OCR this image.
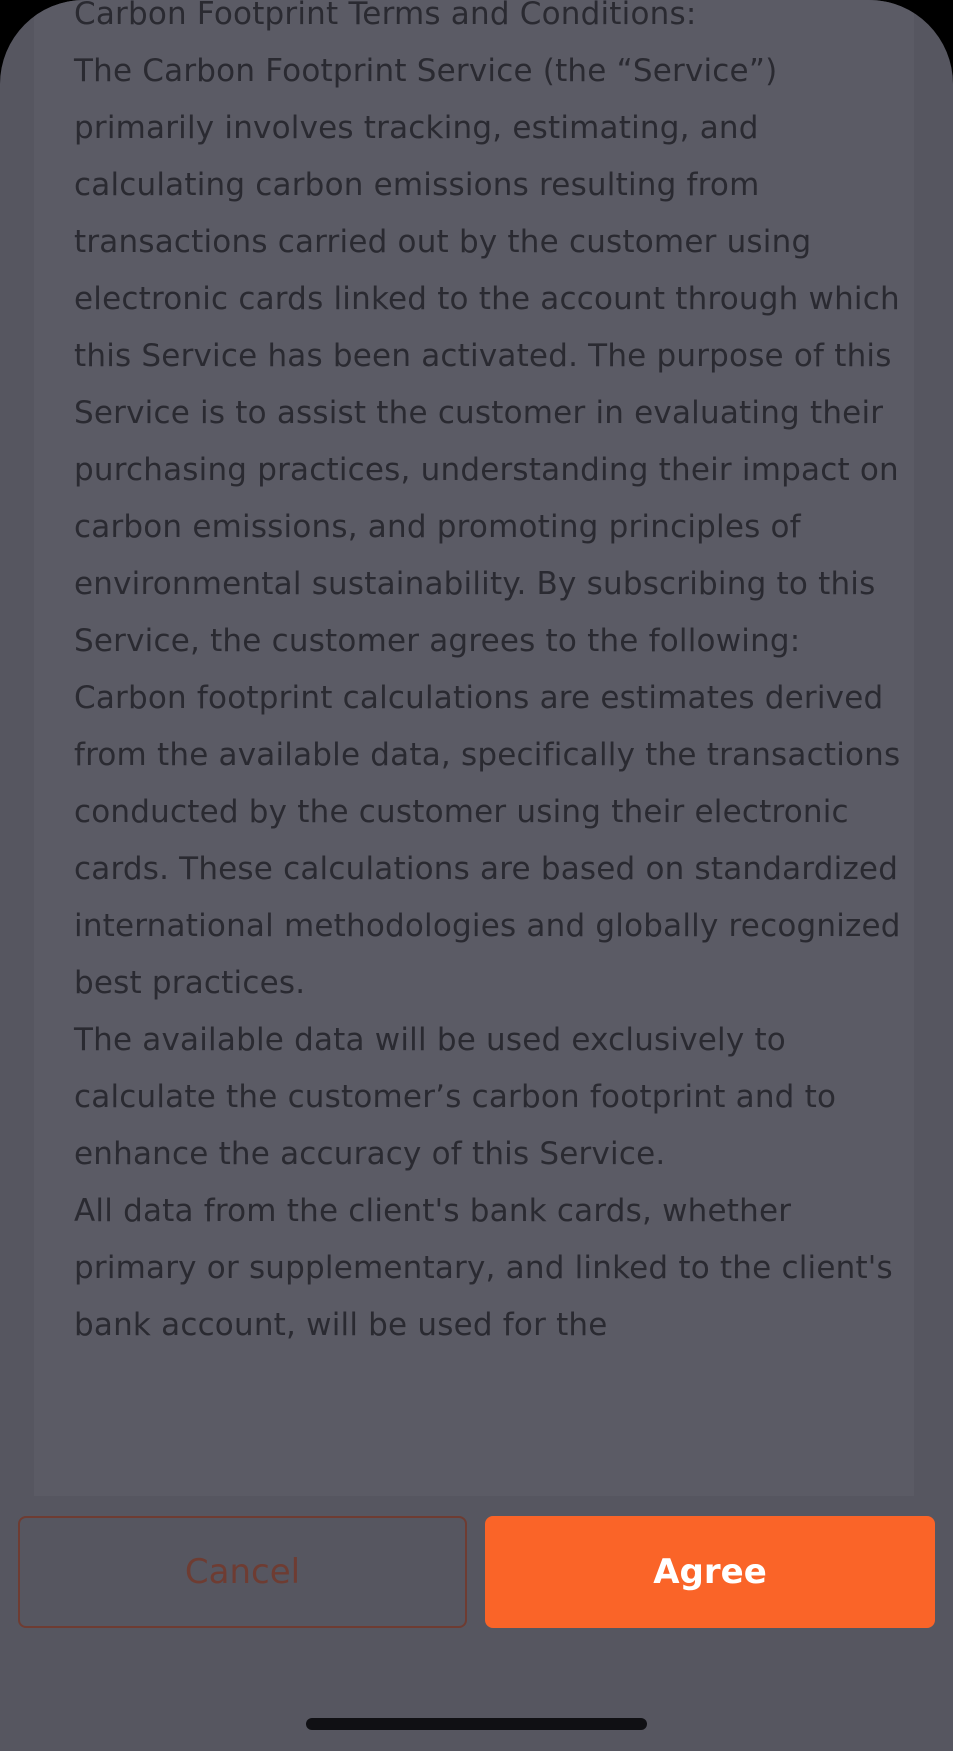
Carbon Footprint Terms and Conditions:

The Carbon Footprint Service (the “Service”) primarily involves tracking, estimating, and calculating carbon emissions resulting from transactions carried out by the customer using electronic cards linked to the account through which this Service has been activated. The purpose of this Service is to assist the customer in evaluating their purchasing practices, understanding their impact on carbon emissions, and promoting principles of environmental sustainability. By subscribing to this Service, the customer agrees to the following:

Carbon footprint calculations are estimates derived from the available data, specifically the transactions conducted by the customer using their electronic cards. These calculations are based on standardized international methodologies and globally recognized best practices.

The available data will be used exclusively to calculate the customer’s carbon footprint and to enhance the accuracy of this Service.

All data from the client's bank cards, whether primary or supplementary, and linked to the client's bank account, will be used for the

Cancel	Agree
